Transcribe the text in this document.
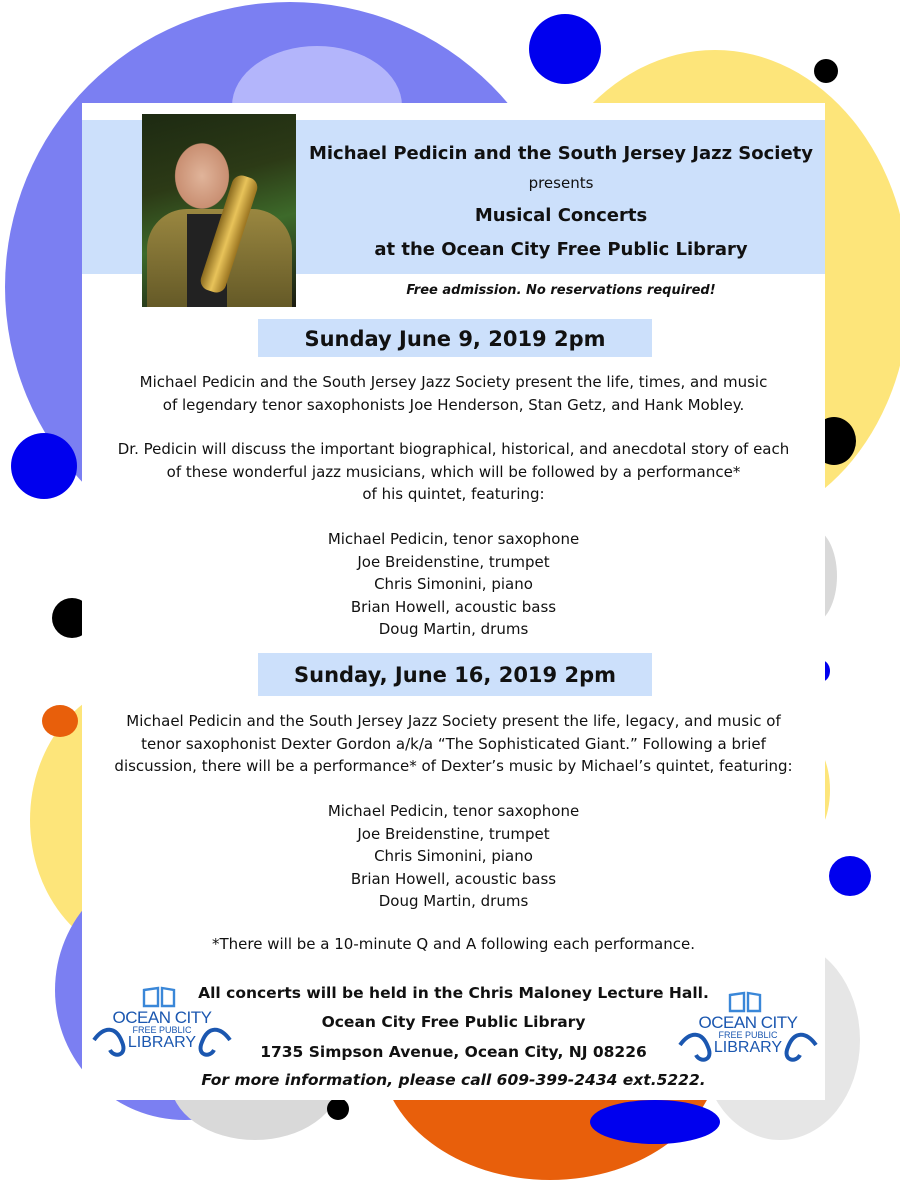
Michael Pedicin and the South Jersey Jazz Society
presents
Musical Concerts
at the Ocean City Free Public Library
Free admission. No reservations required!
Sunday June 9, 2019 2pm
Michael Pedicin and the South Jersey Jazz Society present the life, times, and music
of legendary tenor saxophonists Joe Henderson, Stan Getz, and Hank Mobley.
Dr. Pedicin will discuss the important biographical, historical, and anecdotal story of each
of these wonderful jazz musicians, which will be followed by a performance*
of his quintet, featuring:
Michael Pedicin, tenor saxophone
Joe Breidenstine, trumpet
Chris Simonini, piano
Brian Howell, acoustic bass
Doug Martin, drums
Sunday, June 16, 2019 2pm
Michael Pedicin and the South Jersey Jazz Society present the life, legacy, and music of
tenor saxophonist Dexter Gordon a/k/a “The Sophisticated Giant.” Following a brief
discussion, there will be a performance* of Dexter’s music by Michael’s quintet, featuring:
Michael Pedicin, tenor saxophone
Joe Breidenstine, trumpet
Chris Simonini, piano
Brian Howell, acoustic bass
Doug Martin, drums
*There will be a 10-minute Q and A following each performance.
All concerts will be held in the Chris Maloney Lecture Hall.
Ocean City Free Public Library
1735 Simpson Avenue, Ocean City, NJ 08226
For more information, please call 609-399-2434 ext.5222.
OCEAN CITY
FREE PUBLIC
LIBRARY
OCEAN CITY
FREE PUBLIC
LIBRARY
